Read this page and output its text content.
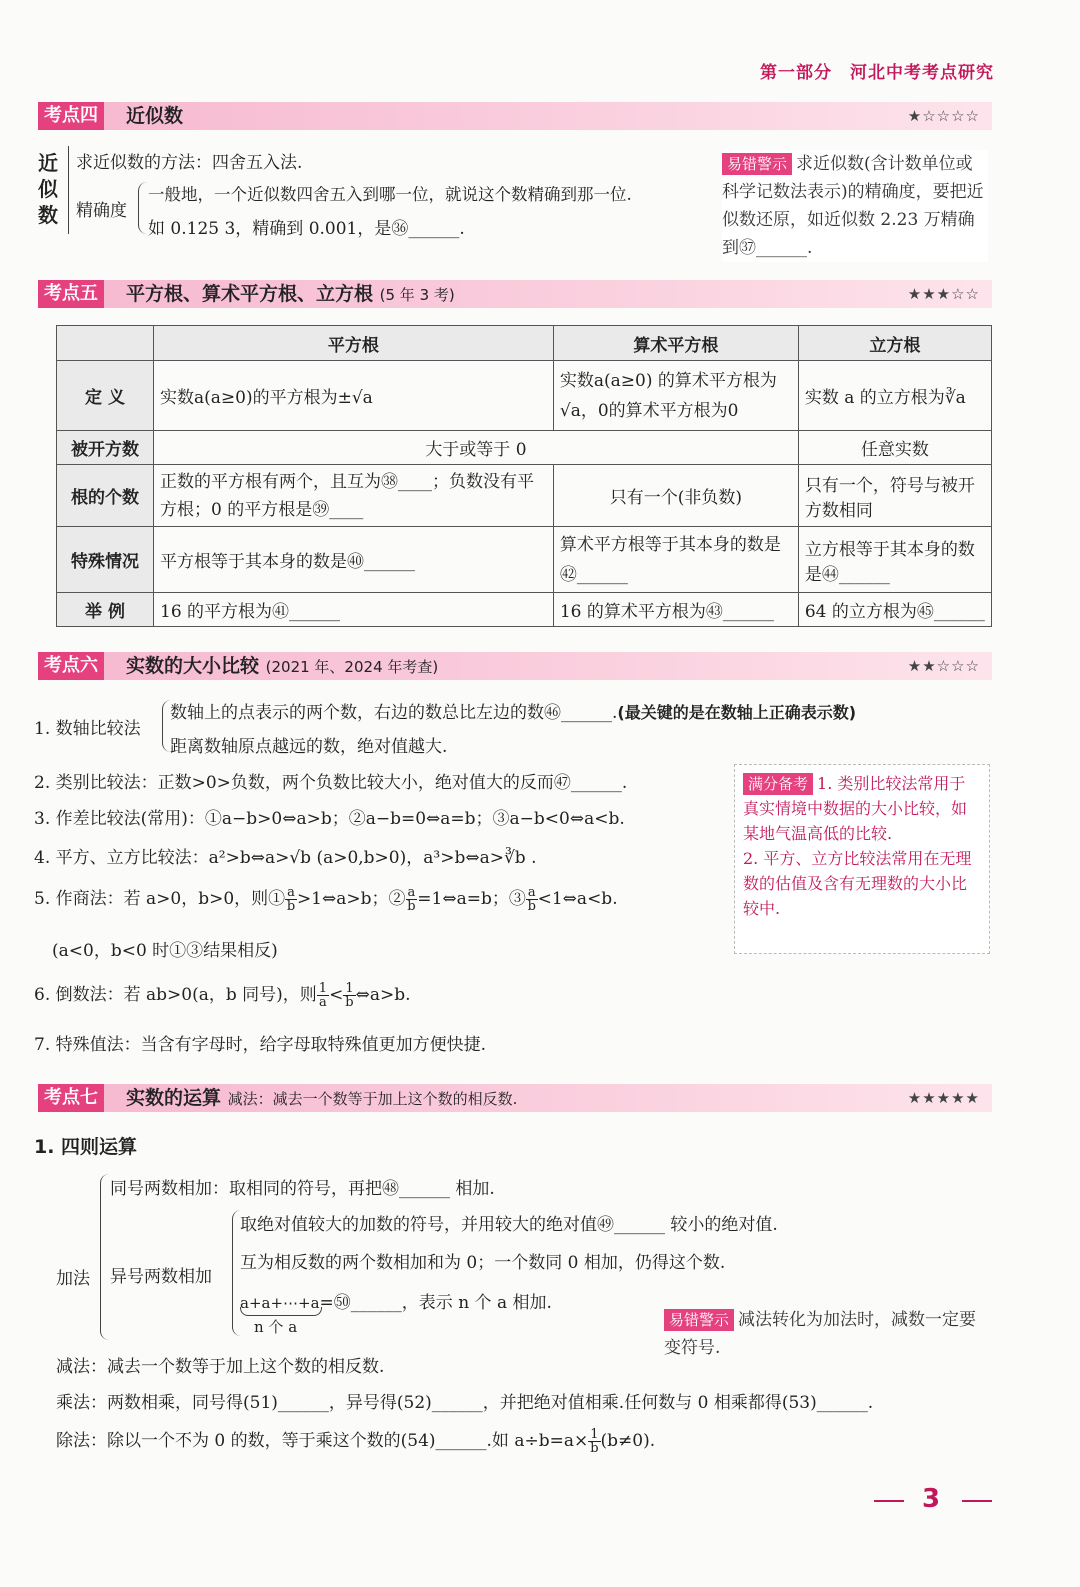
第一部分 河北中考考点研究
考点四	近似数	★☆☆☆☆
近似数
求近似数的方法：四舍五入法.
精确度
一般地，一个近似数四舍五入到哪一位，就说这个数精确到那一位.
如 0.125 3，精确到 0.001，是㊱______.
易错警示 求近似数(含计数单位或科学记数法表示)的精确度，要把近似数还原，如近似数 2.23 万精确到㊲______.
考点五	平方根、算术平方根、立方根 (5 年 3 考)	★★★☆☆
	平方根	算术平方根	立方根
定 义	实数a(a≥0)的平方根为±√a	实数a(a≥0) 的算术平方根为√a，0的算术平方根为0	实数 a 的立方根为∛a
被开方数	大于或等于 0		任意实数
根的个数	正数的平方根有两个，且互为㊳____；负数没有平方根；0 的平方根是㊴____	只有一个(非负数)	只有一个，符号与被开方数相同
特殊情况	平方根等于其本身的数是㊵______	算术平方根等于其本身的数是㊷______	立方根等于其本身的数是㊹______
举 例	16 的平方根为㊶______	16 的算术平方根为㊸______	64 的立方根为㊺______
考点六	实数的大小比较 (2021 年、2024 年考查)	★★☆☆☆
1. 数轴比较法
数轴上的点表示的两个数，右边的数总比左边的数㊻______.(最关键的是在数轴上正确表示数)
距离数轴原点越远的数，绝对值越大.
2. 类别比较法：正数>0>负数，两个负数比较大小，绝对值大的反而㊼______.
3. 作差比较法(常用)：①a−b>0⇔a>b；②a−b=0⇔a=b；③a−b<0⇔a<b.
4. 平方、立方比较法：a²>b⇔a>√b (a>0,b>0)，a³>b⇔a>∛b .
5. 作商法：若 a>0，b>0，则① $\frac{a}{b}>1\Leftrightarrow a>b$；② $\frac{a}{b}=1\Leftrightarrow a=b$；③ $\frac{a}{b}<1\Leftrightarrow a<b$.
(a<0，b<0 时①③结果相反)
6. 倒数法：若 ab>0(a，b 同号)，则 $\frac{1}{a}<$ $\frac{1}{b}\Leftrightarrow a>b$.
7. 特殊值法：当含有字母时，给字母取特殊值更加方便快捷.
满分备考 1. 类别比较法常用于真实情境中数据的大小比较，如某地气温高低的比较.
2. 平方、立方比较法常用在无理数的估值及含有无理数的大小比较中.
考点七	实数的运算 减法：减去一个数等于加上这个数的相反数.	★★★★★
1. 四则运算
加法
同号两数相加：取相同的符号，再把㊽______ 相加.
异号两数相加
取绝对值较大的加数的符号，并用较大的绝对值㊾______ 较小的绝对值.
互为相反数的两个数相加和为 0；一个数同 0 相加，仍得这个数.
a+a+⋯+a=㊿______，表示 n 个 a 相加.
n 个 a
减法：减去一个数等于加上这个数的相反数.
乘法：两数相乘，同号得(51)______，异号得(52)______，并把绝对值相乘.任何数与 0 相乘都得(53)______.
除法：除以一个不为 0 的数，等于乘这个数的(54)______.如 $a\div b=a\times \frac{1}{b}(b\ne 0)$.
易错警示 减法转化为加法时，减数一定要变符号.
3
